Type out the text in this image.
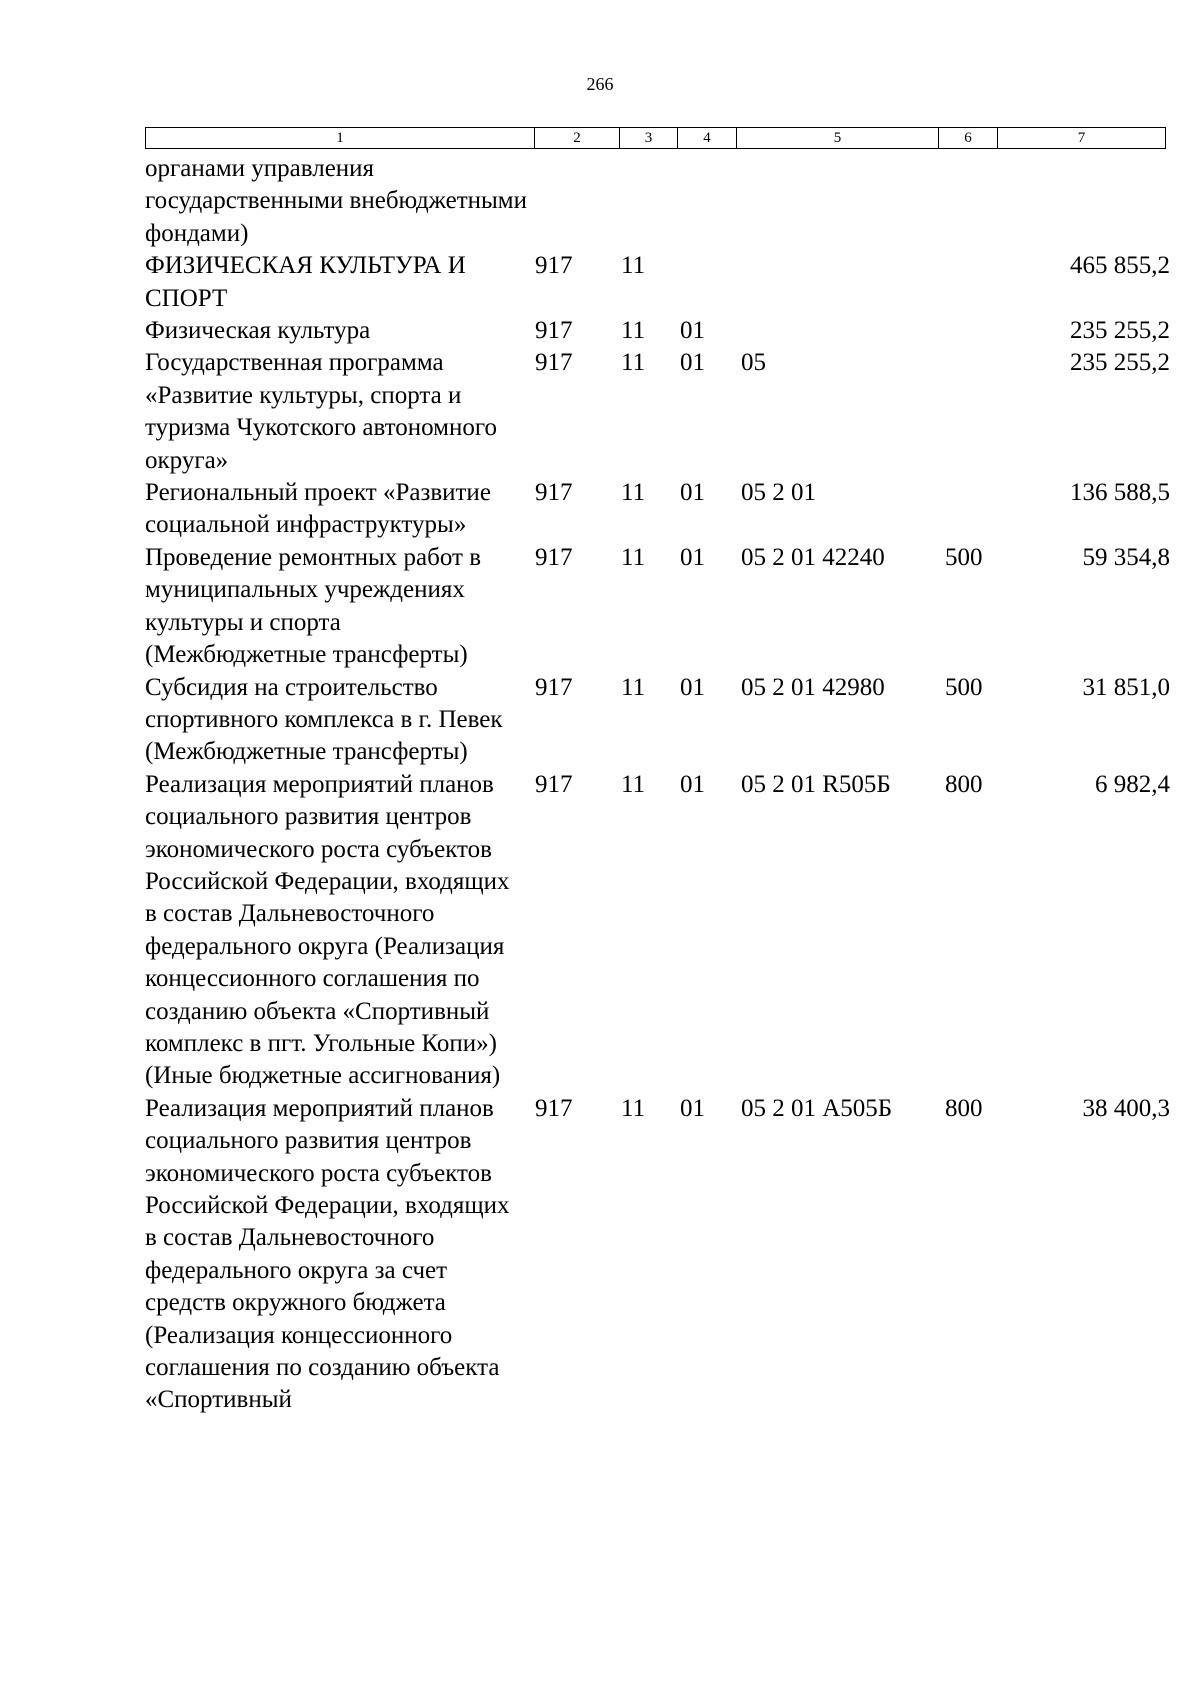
266
1	2	3	4	5	6	7
органами управления государственными внебюджетными фондами)						

ФИЗИЧЕСКАЯ КУЛЬТУРА И СПОРТ	917	11				465 855,2

Физическая культура	917	11	01			235 255,2

Государственная программа «Развитие культуры, спорта и туризма Чукотского автономного округа»	917	11	01	05		235 255,2

Региональный проект «Развитие социальной инфраструктуры»	917	11	01	05 2 01		136 588,5

Проведение ремонтных работ в муниципальных учреждениях культуры и спорта (Межбюджетные трансферты)	917	11	01	05 2 01 42240	500	59 354,8

Субсидия на строительство спортивного комплекса в г. Певек (Межбюджетные трансферты)	917	11	01	05 2 01 42980	500	31 851,0

Реализация мероприятий планов социального развития центров экономического роста субъектов Российской Федерации, входящих в состав Дальневосточного федерального округа (Реализация концессионного соглашения по созданию объекта «Спортивный комплекс в пгт. Угольные Копи») (Иные бюджетные ассигнования)	917	11	01	05 2 01 R505Б	800	6 982,4

Реализация мероприятий планов социального развития центров экономического роста субъектов Российской Федерации, входящих в состав Дальневосточного федерального округа за счет средств окружного бюджета (Реализация концессионного соглашения по созданию объекта «Спортивный	917	11	01	05 2 01 А505Б	800	38 400,3
